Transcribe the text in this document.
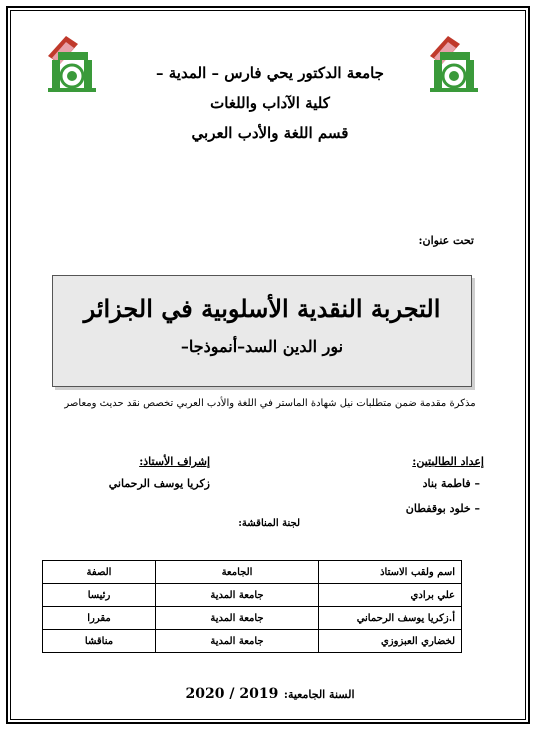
جامعة الدكتور يحي فارس – المدية –
كلية الآداب واللغات
قسم اللغة والأدب العربي
تحت عنوان:
التجربة النقدية الأسلوبية في الجزائر
نور الدين السد–أنموذجا–
مذكرة مقدمة ضمن متطلبات نيل شهادة الماستر في اللغة والأدب العربي تخصص نقد حديث ومعاصر
إعداد الطالبتين:
إشراف الأستاذ:
– فاطمة بناد
– خلود بوقفطان
زكريا يوسف الرحماني
لجنة المناقشة:
اسم ولقب الاستاذ	الجامعة	الصفة
علي برادي	جامعة المدية	رئيسا
أ.زكريا يوسف الرحماني	جامعة المدية	مقررا
لخضاري العبزوزي	جامعة المدية	مناقشا
السنة الجامعية: 2019 / 2020
